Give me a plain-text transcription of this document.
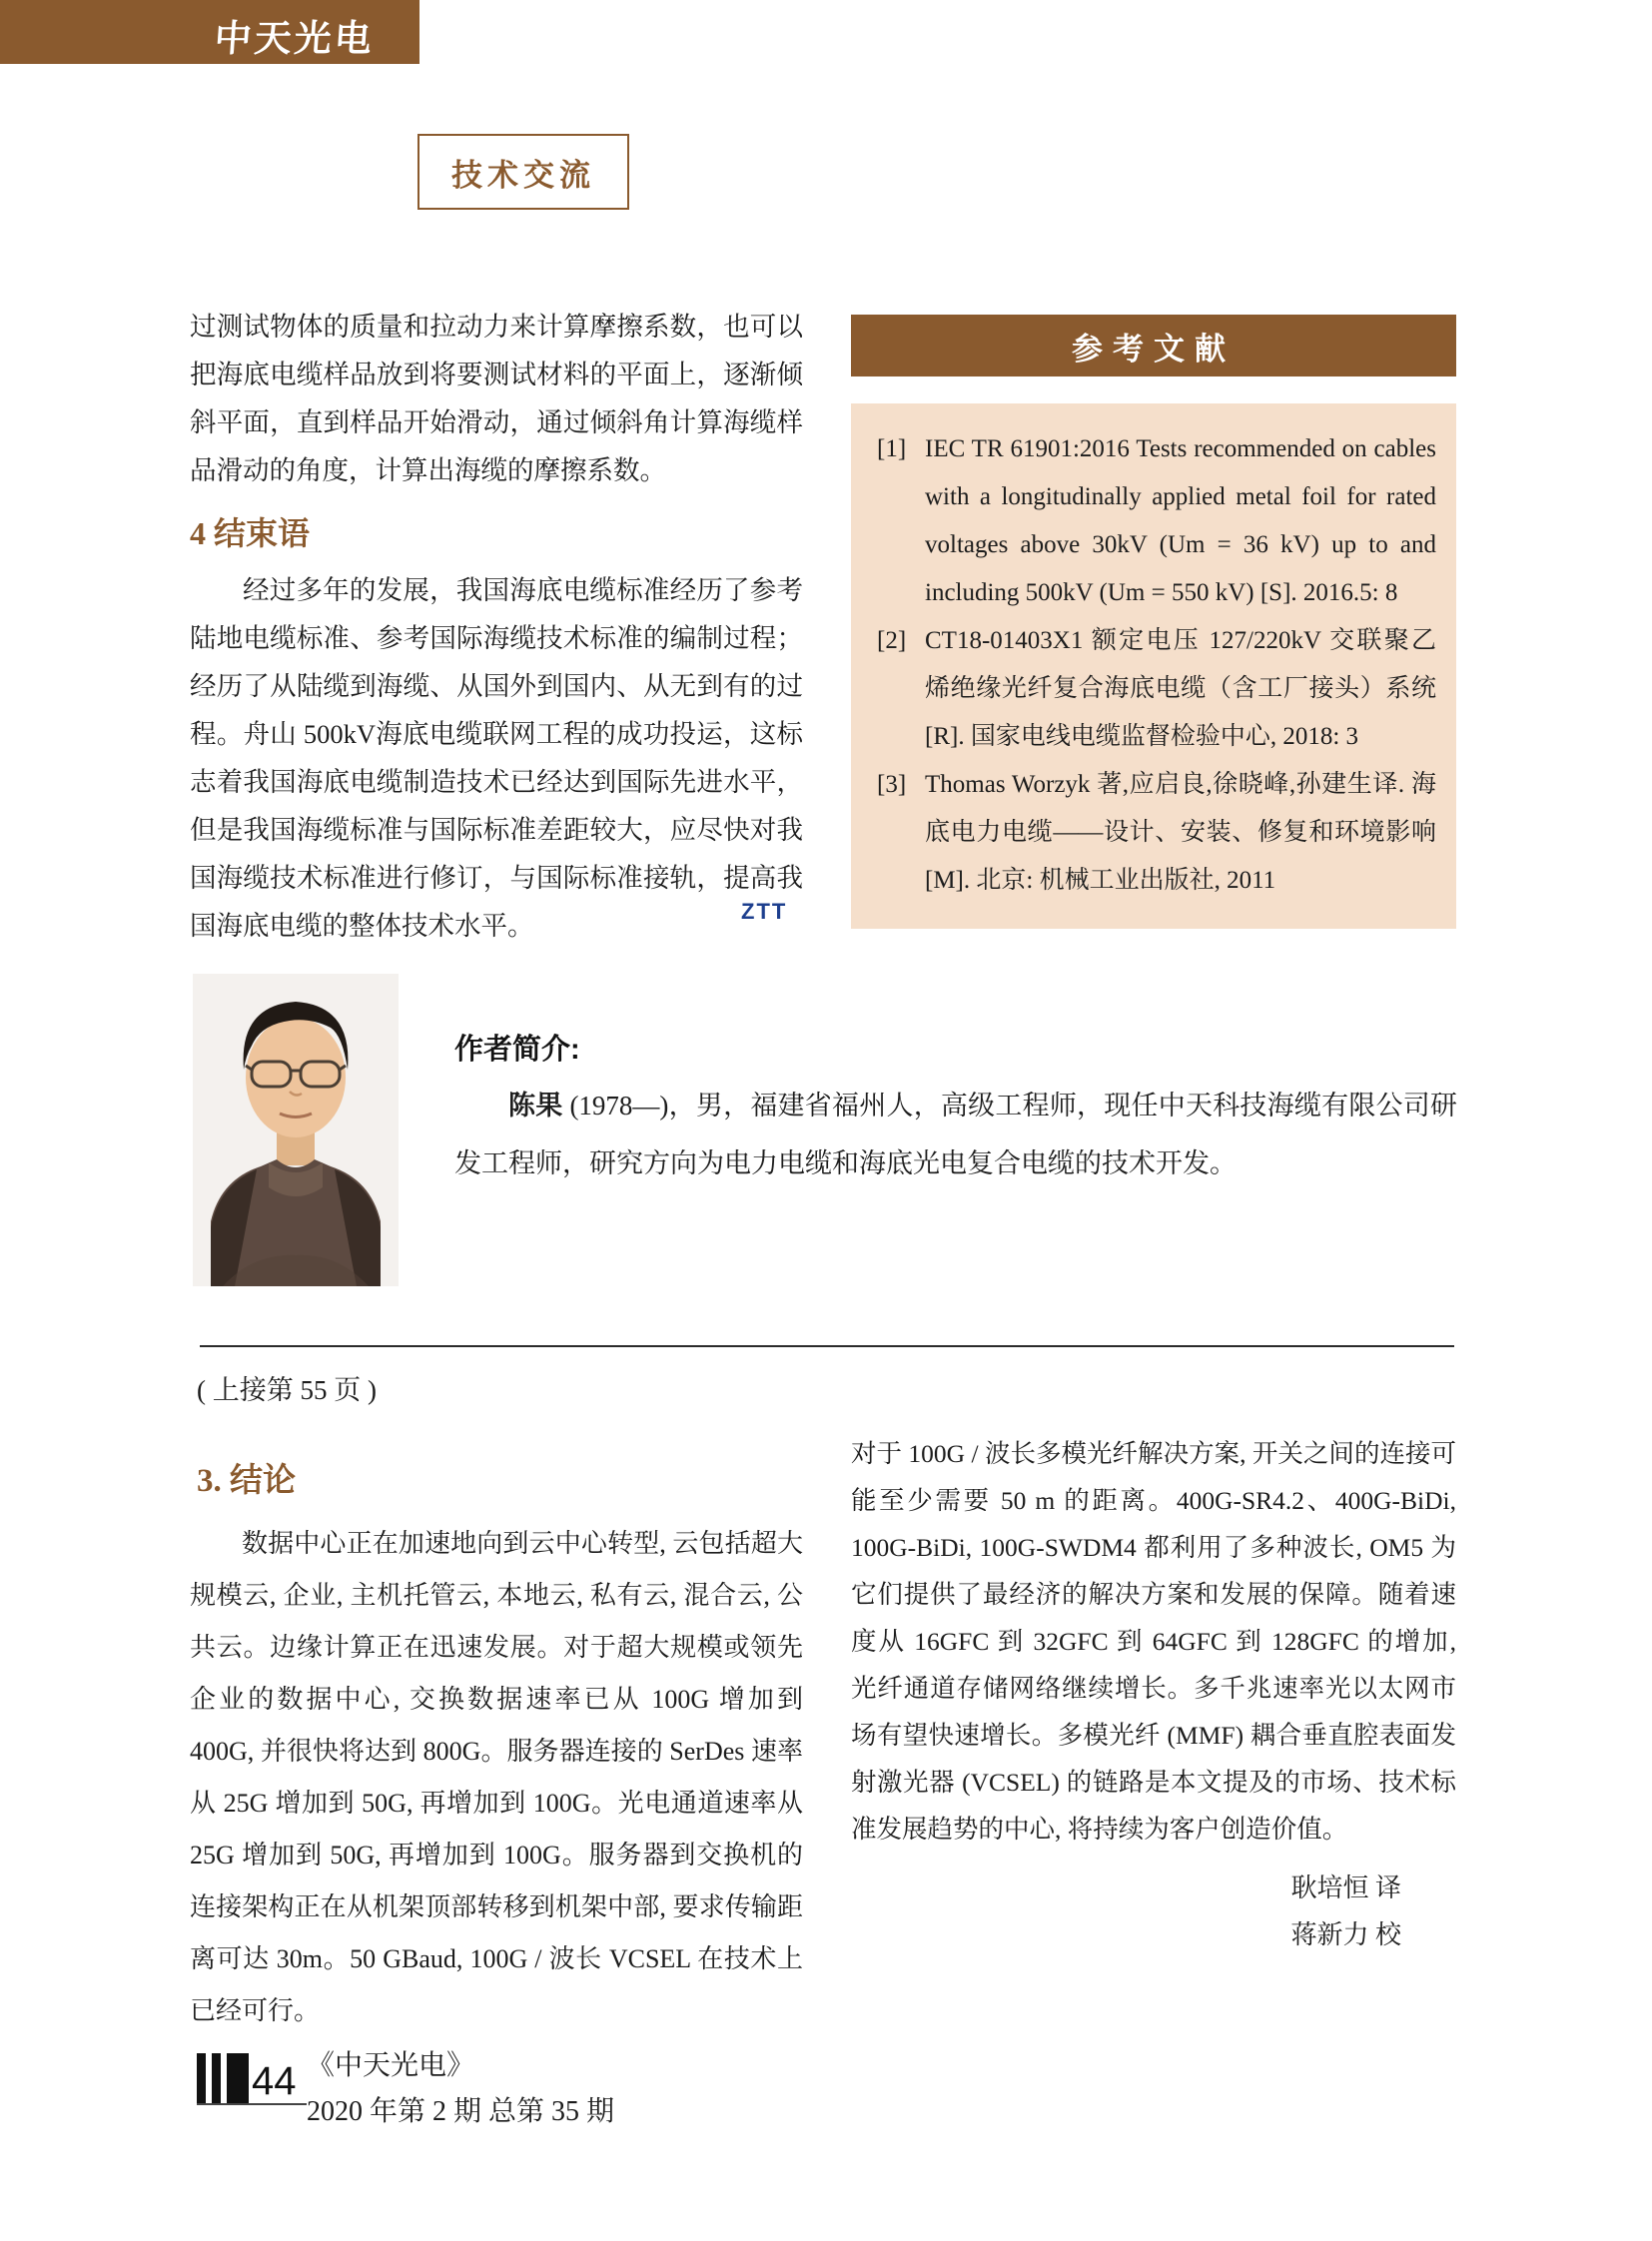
中天光电
技术交流
过测试物体的质量和拉动力来计算摩擦系数，也可以把海底电缆样品放到将要测试材料的平面上，逐渐倾斜平面，直到样品开始滑动，通过倾斜角计算海缆样品滑动的角度，计算出海缆的摩擦系数。
4 结束语
经过多年的发展，我国海底电缆标准经历了参考陆地电缆标准、参考国际海缆技术标准的编制过程；经历了从陆缆到海缆、从国外到国内、从无到有的过程。舟山 500kV海底电缆联网工程的成功投运，这标志着我国海底电缆制造技术已经达到国际先进水平，但是我国海缆标准与国际标准差距较大，应尽快对我国海缆技术标准进行修订，与国际标准接轨，提高我国海底电缆的整体技术水平。	ZTT
参考文献
[1] IEC TR 61901:2016 Tests recommended on cables with a longitudinally applied metal foil for rated voltages above 30kV (Um = 36 kV) up to and including 500kV (Um = 550 kV) [S]. 2016.5: 8
[2] CT18-01403X1 额定电压 127/220kV 交联聚乙烯绝缘光纤复合海底电缆（含工厂接头）系统 [R]. 国家电线电缆监督检验中心, 2018: 3
[3] Thomas Worzyk 著,应启良,徐晓峰,孙建生译. 海底电力电缆——设计、安装、修复和环境影响 [M]. 北京: 机械工业出版社, 2011
作者简介:
陈果 (1978—)，男，福建省福州人，高级工程师，现任中天科技海缆有限公司研发工程师，研究方向为电力电缆和海底光电复合电缆的技术开发。
( 上接第 55 页 )
3. 结论
数据中心正在加速地向到云中心转型, 云包括超大规模云, 企业, 主机托管云, 本地云, 私有云, 混合云, 公共云。边缘计算正在迅速发展。对于超大规模或领先企业的数据中心, 交换数据速率已从 100G 增加到 400G, 并很快将达到 800G。服务器连接的 SerDes 速率从 25G 增加到 50G, 再增加到 100G。光电通道速率从 25G 增加到 50G, 再增加到 100G。服务器到交换机的连接架构正在从机架顶部转移到机架中部, 要求传输距离可达 30m。50 GBaud, 100G / 波长 VCSEL 在技术上已经可行。
对于 100G / 波长多模光纤解决方案, 开关之间的连接可能至少需要 50 m 的距离。400G-SR4.2、400G-BiDi, 100G-BiDi, 100G-SWDM4 都利用了多种波长, OM5 为它们提供了最经济的解决方案和发展的保障。随着速度从 16GFC 到 32GFC 到 64GFC 到 128GFC 的增加, 光纤通道存储网络继续增长。多千兆速率光以太网市场有望快速增长。多模光纤 (MMF) 耦合垂直腔表面发射激光器 (VCSEL) 的链路是本文提及的市场、技术标准发展趋势的中心, 将持续为客户创造价值。
耿培恒 译
蒋新力 校
44 《中天光电》
2020 年第 2 期 总第 35 期
